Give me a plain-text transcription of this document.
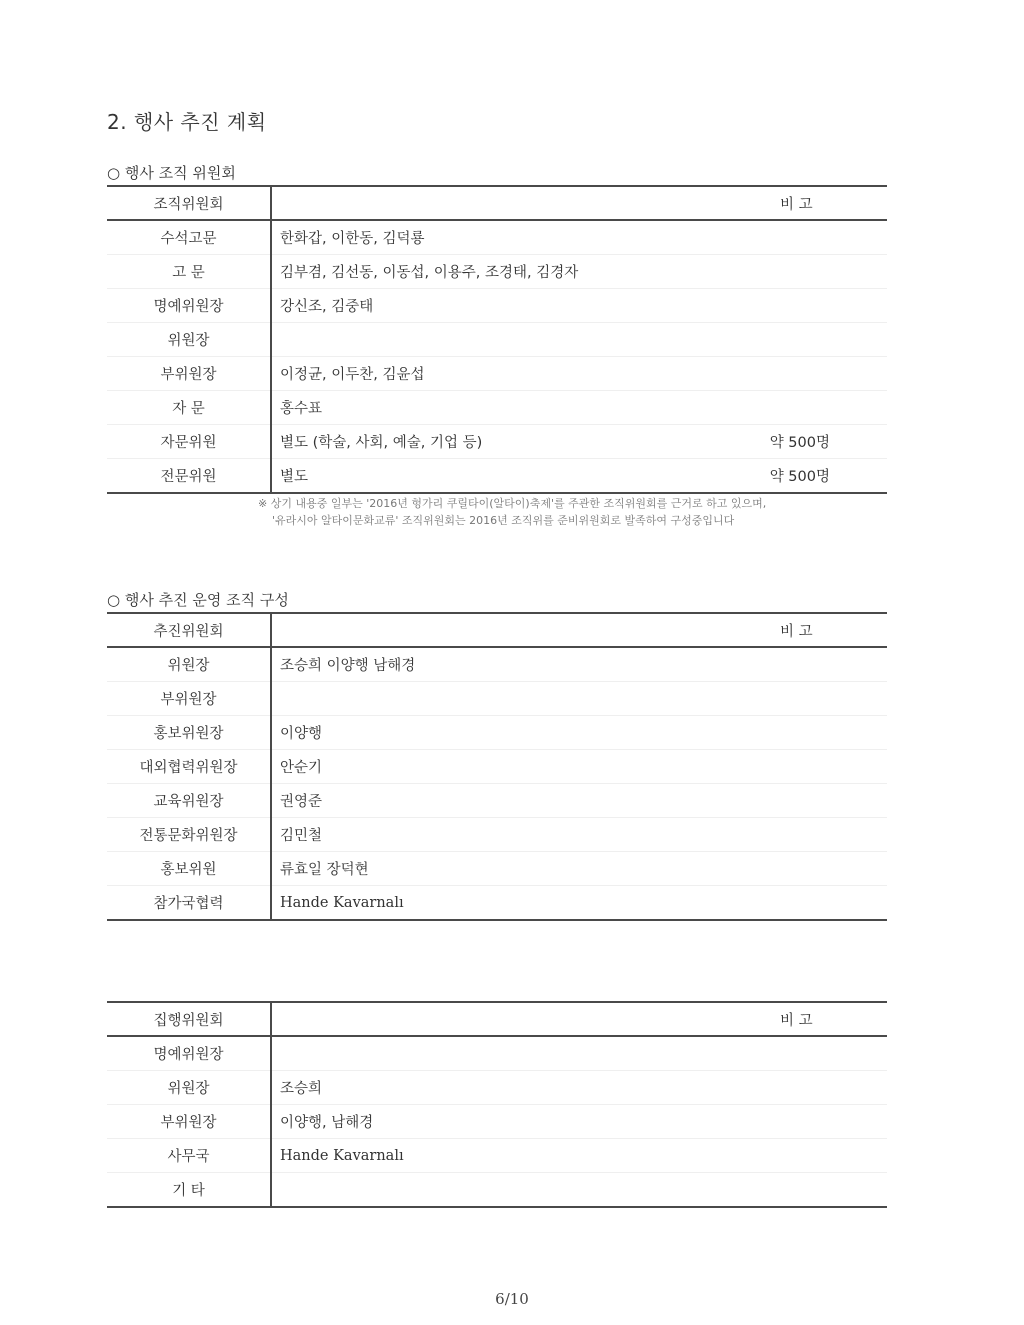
2. 행사 추진 계획
○ 행사 조직 위원회
조직위원회		비 고
수석고문	한화갑, 이한동, 김덕룡	
고 문	김부겸, 김선동, 이동섭, 이용주, 조경태, 김경자	
명예위원장	강신조, 김중태	
위원장		
부위원장	이정균, 이두찬, 김윤섭	
자 문	홍수표	
자문위원	별도 (학술, 사회, 예술, 기업 등)	약 500명
전문위원	별도	약 500명
※ 상기 내용중 일부는 '2016년 헝가리 쿠릴타이(알타이)축제'를 주관한 조직위원회를 근거로 하고 있으며,
'유라시아 알타이문화교류' 조직위원회는 2016년 조직위를 준비위원회로 발족하여 구성중입니다
○ 행사 추진 운영 조직 구성
추진위원회		비 고
위원장	조승희 이양행 남해경	
부위원장		
홍보위원장	이양행	
대외협력위원장	안순기	
교육위원장	권영준	
전통문화위원장	김민철	
홍보위원	류효일 장덕현	
참가국협력	Hande Kavarnalı	
집행위원회		비 고
명예위원장		
위원장	조승희	
부위원장	이양행, 남해경	
사무국	Hande Kavarnalı	
기 타		
6/10
